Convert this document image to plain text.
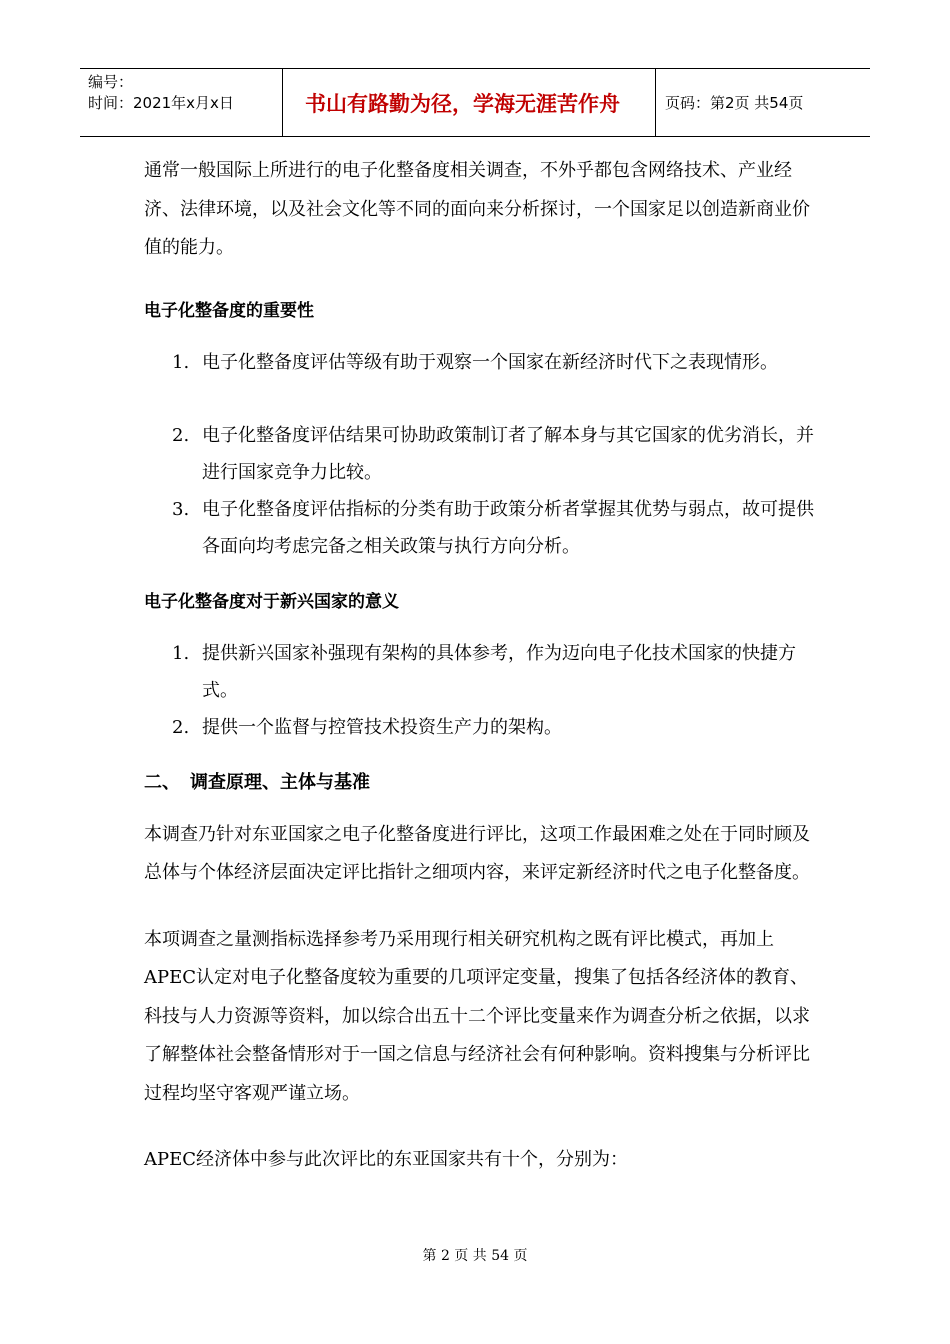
编号：
时间：2021年x月x日	书山有路勤为径，学海无涯苦作舟	页码：第2页 共54页

通常一般国际上所进行的电子化整备度相关调查，不外乎都包含网络技术、产业经济、法律环境，以及社会文化等不同的面向来分析探讨，一个国家足以创造新商业价值的能力。

电子化整备度的重要性
1. 电子化整备度评估等级有助于观察一个国家在新经济时代下之表现情形。
2. 电子化整备度评估结果可协助政策制订者了解本身与其它国家的优劣消长，并进行国家竞争力比较。
3. 电子化整备度评估指标的分类有助于政策分析者掌握其优势与弱点，故可提供各面向均考虑完备之相关政策与执行方向分析。
电子化整备度对于新兴国家的意义
1. 提供新兴国家补强现有架构的具体参考，作为迈向电子化技术国家的快捷方式。
2. 提供一个监督与控管技术投资生产力的架构。
二、 调查原理、主体与基准

本调查乃针对东亚国家之电子化整备度进行评比，这项工作最困难之处在于同时顾及总体与个体经济层面决定评比指针之细项内容，来评定新经济时代之电子化整备度。

本项调查之量测指标选择参考乃采用现行相关研究机构之既有评比模式，再加上APEC认定对电子化整备度较为重要的几项评定变量，搜集了包括各经济体的教育、科技与人力资源等资料，加以综合出五十二个评比变量来作为调查分析之依据，以求了解整体社会整备情形对于一国之信息与经济社会有何种影响。资料搜集与分析评比过程均坚守客观严谨立场。

APEC经济体中参与此次评比的东亚国家共有十个，分别为：

第 2 页 共 54 页
